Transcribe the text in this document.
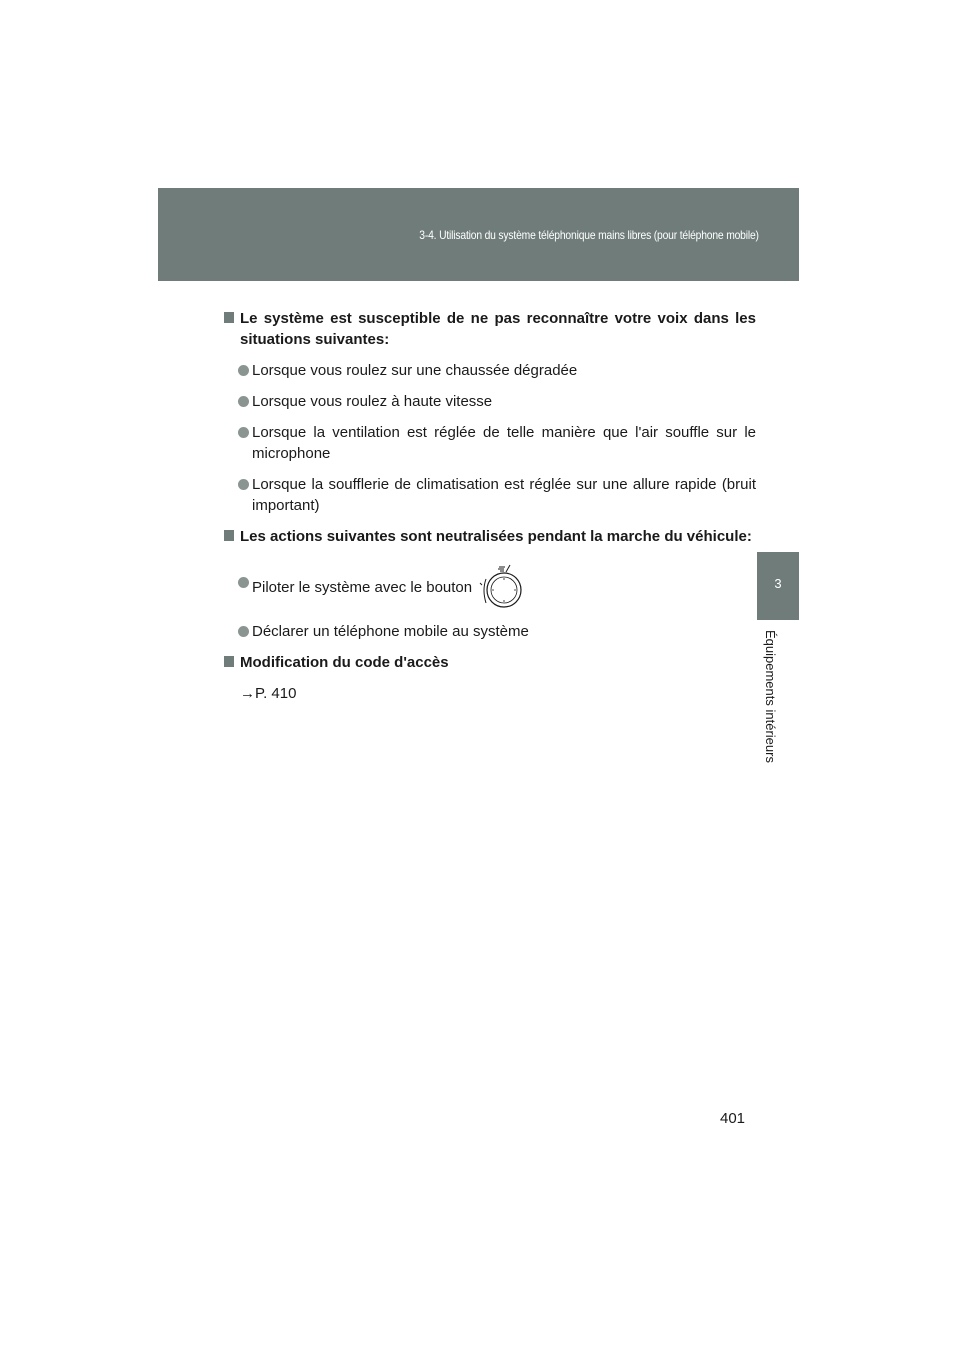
3-4. Utilisation du système téléphonique mains libres (pour téléphone mobile)
3
Équipements intérieurs
Le système est susceptible de ne pas reconnaître votre voix dans les situations suivantes:
Lorsque vous roulez sur une chaussée dégradée
Lorsque vous roulez à haute vitesse
Lorsque la ventilation est réglée de telle manière que l'air souffle sur le microphone
Lorsque la soufflerie de climatisation est réglée sur une allure rapide (bruit important)
Les actions suivantes sont neutralisées pendant la marche du véhicule:
Piloter le système avec le bouton
Déclarer un téléphone mobile au système
Modification du code d'accès
→P. 410
401
